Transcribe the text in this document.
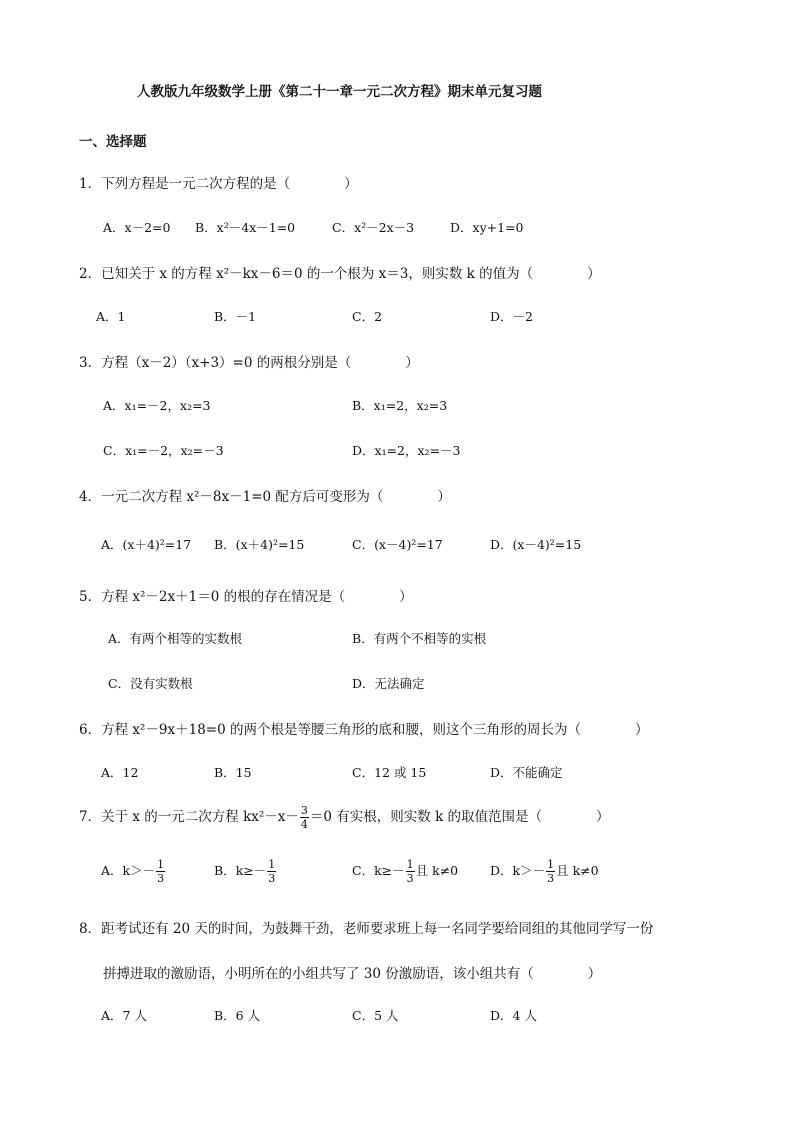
人教版九年级数学上册《第二十一章一元二次方程》期末单元复习题
一、选择题
1．下列方程是一元二次方程的是（　　　　）
A．x－2=0 B．x²－4x－1=0	C．x²－2x－3	D．xy+1=0
2．已知关于 x 的方程 x²－kx－6＝0 的一个根为 x＝3，则实数 k 的值为（　　　　）
A．1	B．－1	C．2	D．－2
3．方程（x－2）（x+3）=0 的两根分别是（　　　　）
A．x₁=－2，x₂=3	B．x₁=2，x₂=3
C．x₁=－2，x₂=－3	D．x₁=2，x₂=－3
4．一元二次方程 x²－8x－1=0 配方后可变形为（　　　　）
A．(x＋4)²=17 B．(x＋4)²=15	C．(x－4)²=17	D．(x－4)²=15
5．方程 x²－2x＋1＝0 的根的存在情况是（　　　　）
A．有两个相等的实数根	B．有两个不相等的实根
C．没有实数根	D．无法确定
6．方程 x²－9x＋18=0 的两个根是等腰三角形的底和腰，则这个三角形的周长为（　　　　）
A．12	B．15	C．12 或 15	D．不能确定
7．关于 x 的一元二次方程 $kx^2-x- \frac{3}{4} =0$ 有实根，则实数 k 的取值范围是（　　　　）
A．$k>- \frac{1}{3}$	B．$k\ge- \frac{1}{3}$	C．$k\ge- \frac{1}{3}$ 且 k≠0	D．$k>- \frac{1}{3}$ 且 k≠0
8．距考试还有 20 天的时间，为鼓舞干劲，老师要求班上每一名同学要给同组的其他同学写一份
拼搏进取的激励语，小明所在的小组共写了 30 份激励语，该小组共有（　　　　）
A．7 人	B．6 人	C．5 人	D．4 人
